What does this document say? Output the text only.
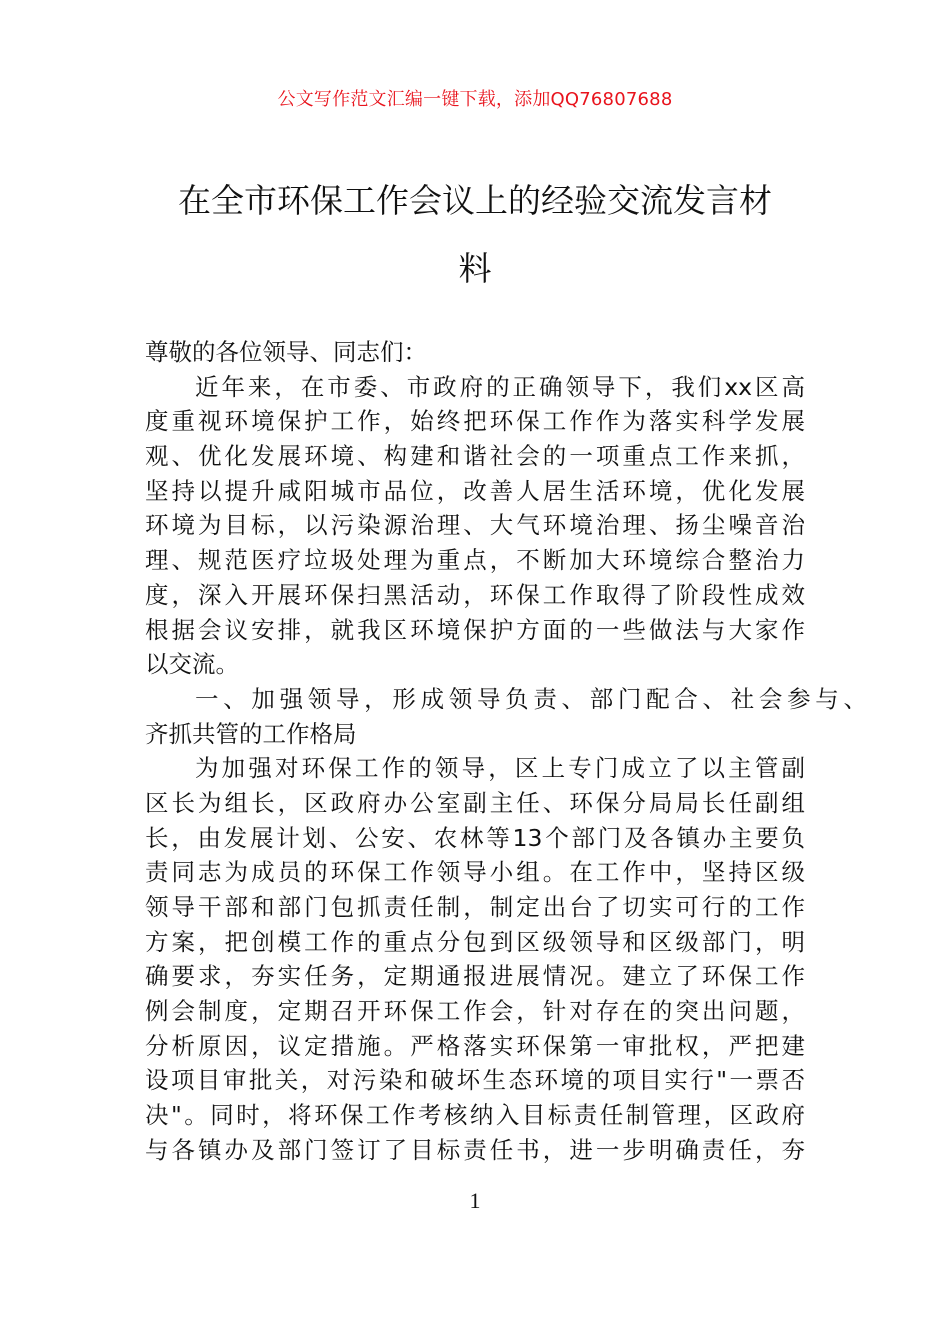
公文写作范文汇编一键下载，添加QQ76807688
在全市环保工作会议上的经验交流发言材
料
尊敬的各位领导、同志们：
近年来，在市委、市政府的正确领导下，我们xx区高
度重视环境保护工作，始终把环保工作作为落实科学发展
观、优化发展环境、构建和谐社会的一项重点工作来抓，
坚持以提升咸阳城市品位，改善人居生活环境，优化发展
环境为目标，以污染源治理、大气环境治理、扬尘噪音治
理、规范医疗垃圾处理为重点，不断加大环境综合整治力
度，深入开展环保扫黑活动，环保工作取得了阶段性成效
根据会议安排，就我区环境保护方面的一些做法与大家作
以交流。
一、加强领导，形成领导负责、部门配合、社会参与、
齐抓共管的工作格局
为加强对环保工作的领导，区上专门成立了以主管副
区长为组长，区政府办公室副主任、环保分局局长任副组
长，由发展计划、公安、农林等13个部门及各镇办主要负
责同志为成员的环保工作领导小组。在工作中，坚持区级
领导干部和部门包抓责任制，制定出台了切实可行的工作
方案，把创模工作的重点分包到区级领导和区级部门，明
确要求，夯实任务，定期通报进展情况。建立了环保工作
例会制度，定期召开环保工作会，针对存在的突出问题，
分析原因，议定措施。严格落实环保第一审批权，严把建
设项目审批关，对污染和破坏生态环境的项目实行"一票否
决"。同时，将环保工作考核纳入目标责任制管理，区政府
与各镇办及部门签订了目标责任书，进一步明确责任，夯
1
